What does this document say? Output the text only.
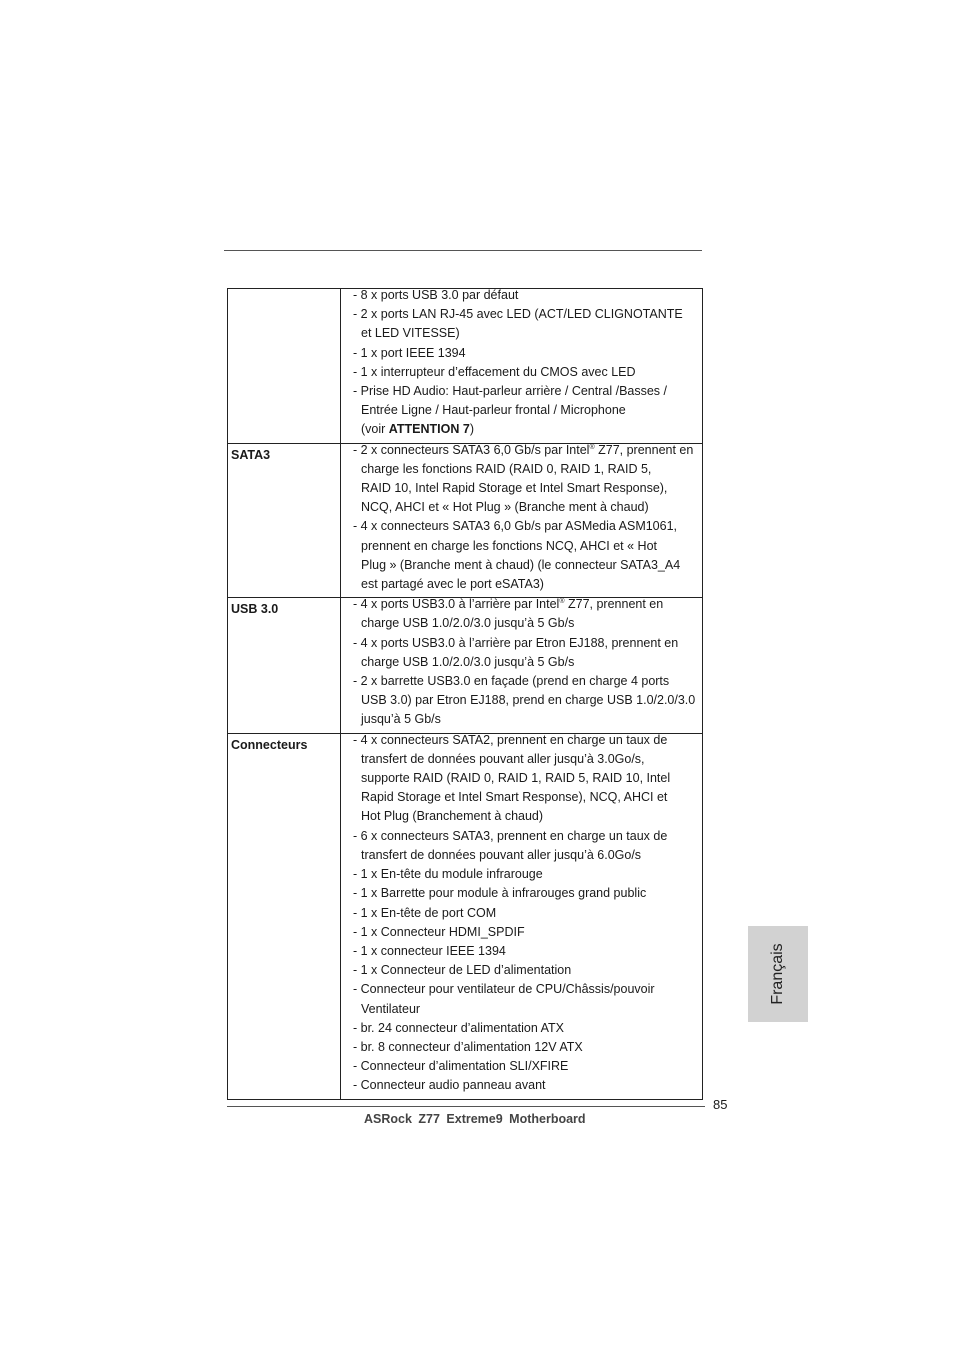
- 8 x ports USB 3.0 par défaut
- 2 x ports LAN RJ-45 avec LED (ACT/LED CLIGNOTANTE
et LED VITESSE)
- 1 x port IEEE 1394
- 1 x interrupteur d’effacement du CMOS avec LED
- Prise HD Audio: Haut-parleur arrière / Central /Basses /
Entrée Ligne / Haut-parleur frontal / Microphone
(voir ATTENTION 7)
SATA3	- 2 x connecteurs SATA3 6,0 Gb/s par Intel® Z77, prennent en
charge les fonctions RAID (RAID 0, RAID 1, RAID 5,
RAID 10, Intel Rapid Storage et Intel Smart Response),
NCQ, AHCI et « Hot Plug » (Branche ment à chaud)
- 4 x connecteurs SATA3 6,0 Gb/s par ASMedia ASM1061,
prennent en charge les fonctions NCQ, AHCI et « Hot
Plug » (Branche ment à chaud) (le connecteur SATA3_A4
est partagé avec le port eSATA3)
USB 3.0	- 4 x ports USB3.0 à l’arrière par Intel® Z77, prennent en
charge USB 1.0/2.0/3.0 jusqu’à 5 Gb/s
- 4 x ports USB3.0 à l’arrière par Etron EJ188, prennent en
charge USB 1.0/2.0/3.0 jusqu’à 5 Gb/s
- 2 x barrette USB3.0 en façade (prend en charge 4 ports
USB 3.0) par Etron EJ188, prend en charge USB 1.0/2.0/3.0
jusqu’à 5 Gb/s
Connecteurs	- 4 x connecteurs SATA2, prennent en charge un taux de
transfert de données pouvant aller jusqu’à 3.0Go/s,
supporte RAID (RAID 0, RAID 1, RAID 5, RAID 10, Intel
Rapid Storage et Intel Smart Response), NCQ, AHCI et
Hot Plug (Branchement à chaud)
- 6 x connecteurs SATA3, prennent en charge un taux de
transfert de données pouvant aller jusqu’à 6.0Go/s
- 1 x En-tête du module infrarouge
- 1 x Barrette pour module à infrarouges grand public
- 1 x En-tête de port COM
- 1 x Connecteur HDMI_SPDIF
- 1 x connecteur IEEE 1394
- 1 x Connecteur de LED d’alimentation
- Connecteur pour ventilateur de CPU/Châssis/pouvoir
Ventilateur
- br. 24 connecteur d’alimentation ATX
- br. 8 connecteur d’alimentation 12V ATX
- Connecteur d’alimentation SLI/XFIRE
- Connecteur audio panneau avant
85
ASRock Z77 Extreme9 Motherboard
Français
